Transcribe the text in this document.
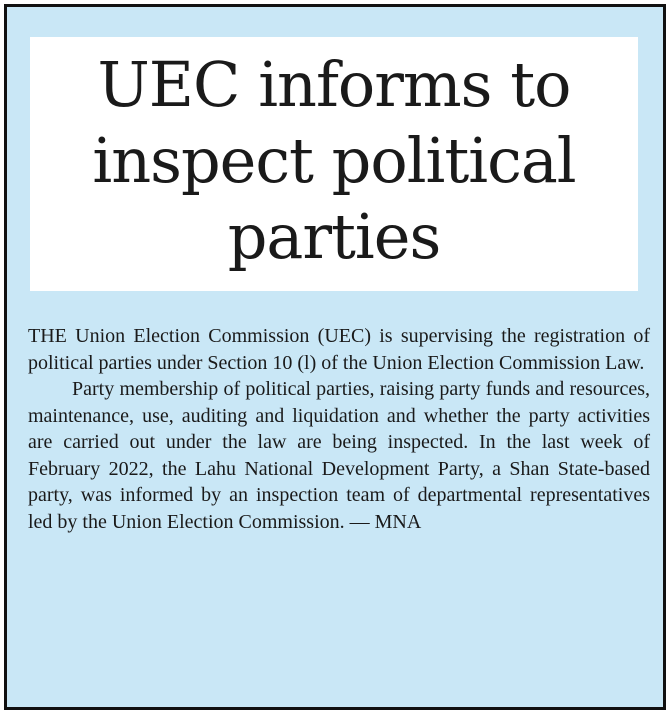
UEC informs to inspect political parties

THE Union Election Commission (UEC) is supervising the registration of political parties under Section 10 (l) of the Union Election Commission Law.

Party membership of political parties, raising party funds and resources, maintenance, use, auditing and liquidation and whether the party activities are carried out under the law are being inspected. In the last week of February 2022, the Lahu National Development Party, a Shan State-based party, was informed by an inspection team of departmental representatives led by the Union Election Commission. — MNA
